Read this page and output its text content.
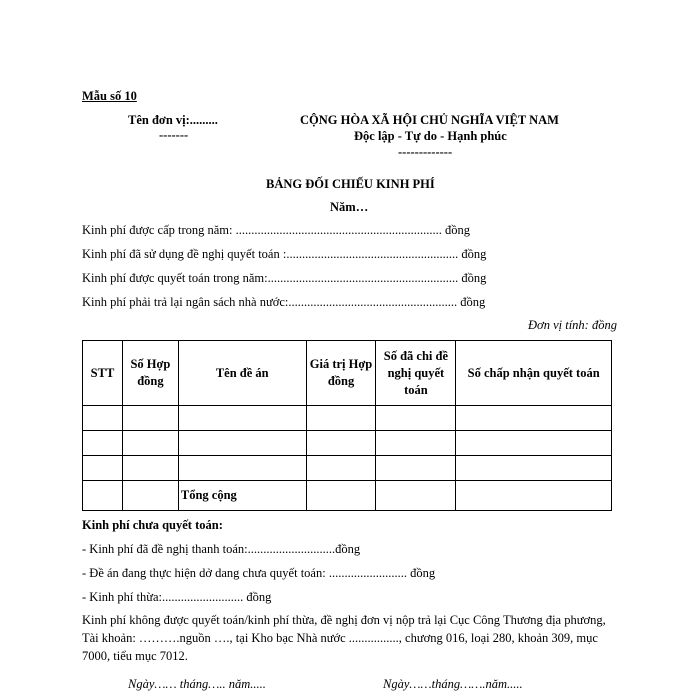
Mẫu số 10
Tên đơn vị:.........
-------
CỘNG HÒA XÃ HỘI CHỦ NGHĨA VIỆT NAM
Độc lập - Tự do - Hạnh phúc
-------------
BẢNG ĐỐI CHIẾU KINH PHÍ
Năm…
Kinh phí được cấp trong năm: .................................................................. đồng
Kinh phí đã sử dụng đề nghị quyết toán :....................................................... đồng
Kinh phí được quyết toán trong năm:............................................................. đồng
Kinh phí phải trả lại ngân sách nhà nước:...................................................... đồng
Đơn vị tính: đồng
STT	Số Hợp đồng	Tên đề án	Giá trị Hợp đồng	Số đã chi đề nghị quyết toán	Số chấp nhận quyết toán

		Tổng cộng			
Kinh phí chưa quyết toán:
- Kinh phí đã đề nghị thanh toán:............................đồng
- Đề án đang thực hiện dở dang chưa quyết toán: ......................... đồng
- Kinh phí thừa:.......................... đồng
Kinh phí không được quyết toán/kinh phí thừa, đề nghị đơn vị nộp trả lại Cục Công Thương địa phương, Tài khoản: ……….nguồn …., tại Kho bạc Nhà nước ................, chương 016, loại 280, khoản 309, mục 7000, tiểu mục 7012.
Ngày…… tháng….. năm.....	Ngày……tháng…….năm.....
